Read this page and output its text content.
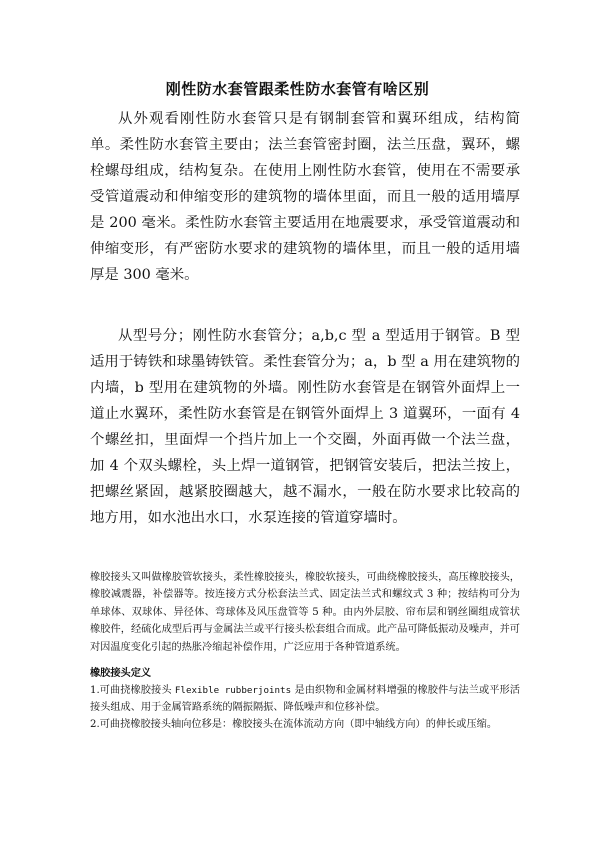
刚性防水套管跟柔性防水套管有啥区别
从外观看刚性防水套管只是有钢制套管和翼环组成，结构简单。柔性防水套管主要由；法兰套管密封圈，法兰压盘，翼环，螺栓螺母组成，结构复杂。在使用上刚性防水套管，使用在不需要承受管道震动和伸缩变形的建筑物的墙体里面，而且一般的适用墙厚是 200 毫米。柔性防水套管主要适用在地震要求，承受管道震动和伸缩变形，有严密防水要求的建筑物的墙体里，而且一般的适用墙厚是 300 毫米。
从型号分；刚性防水套管分；a,b,c 型 a 型适用于钢管。B 型适用于铸铁和球墨铸铁管。柔性套管分为；a，b 型 a 用在建筑物的内墙，b 型用在建筑物的外墙。刚性防水套管是在钢管外面焊上一道止水翼环，柔性防水套管是在钢管外面焊上 3 道翼环，一面有 4 个螺丝扣，里面焊一个挡片加上一个交圈，外面再做一个法兰盘，加 4 个双头螺栓，头上焊一道钢管，把钢管安装后，把法兰按上，把螺丝紧固，越紧胶圈越大，越不漏水，一般在防水要求比较高的地方用，如水池出水口，水泵连接的管道穿墙时。
橡胶接头又叫做橡胶管软接头，柔性橡胶接头，橡胶软接头，可曲绕橡胶接头，高压橡胶接头，橡胶减震器，补偿器等。按连接方式分松套法兰式、固定法兰式和螺纹式 3 种；按结构可分为单球体、双球体、异径体、弯球体及风压盘管等 5 种。由内外层胶、帘布层和钢丝圈组成管状橡胶件，经硫化成型后再与金属法兰或平行接头松套组合而成。此产品可降低振动及噪声，并可对因温度变化引起的热胀冷缩起补偿作用，广泛应用于各种管道系统。
橡胶接头定义
1.可曲挠橡胶接头 Flexible rubberjoints 是由织物和金属材料增强的橡胶件与法兰或平形活接头组成、用于金属管路系统的隔振隔振、降低噪声和位移补偿。
2.可曲挠橡胶接头轴向位移是：橡胶接头在流体流动方向（即中轴线方向）的伸长或压缩。
